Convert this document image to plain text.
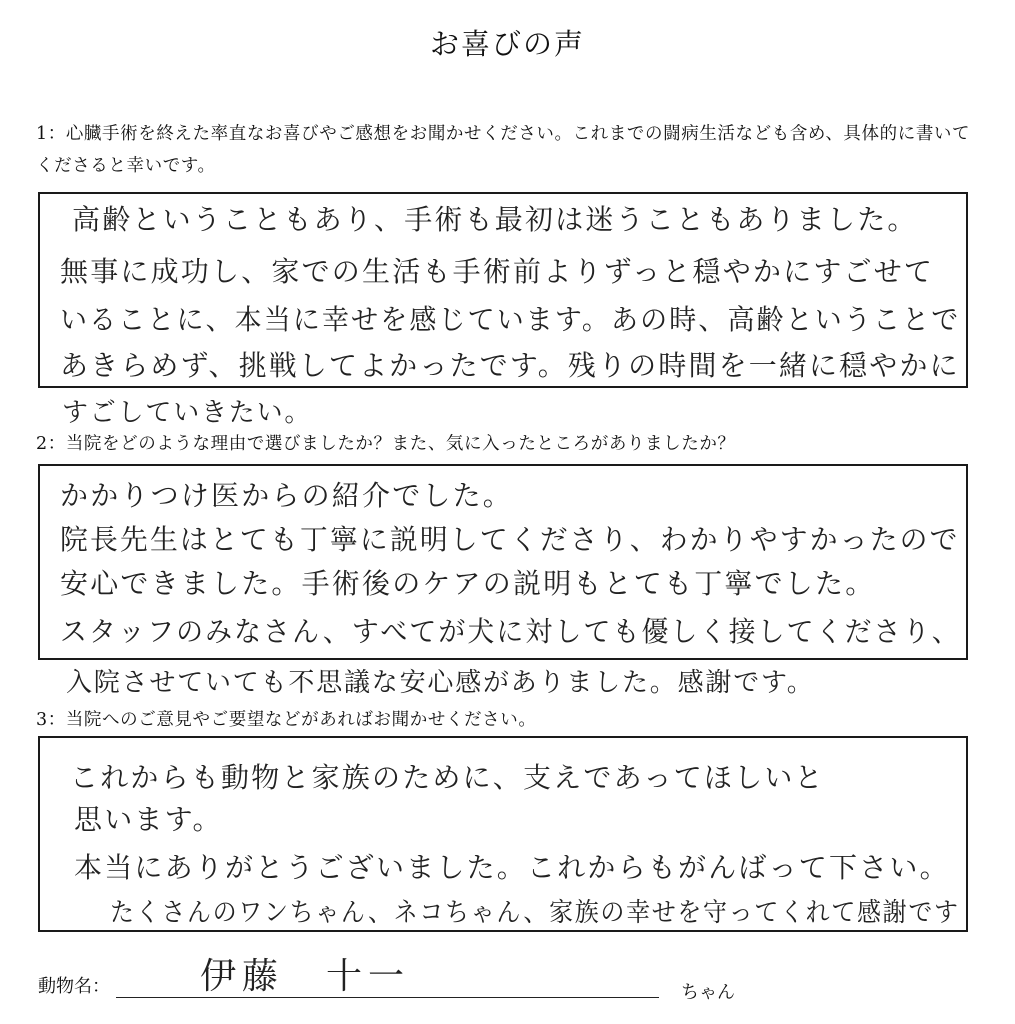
お喜びの声
1：心臓手術を終えた率直なお喜びやご感想をお聞かせください。これまでの闘病生活なども含め、具体的に書いてくださると幸いです。
高齢ということもあり、手術も最初は迷うこともありました。
無事に成功し、家での生活も手術前よりずっと穏やかにすごせて
いることに、本当に幸せを感じています。あの時、高齢ということで
あきらめず、挑戦してよかったです。残りの時間を一緒に穏やかに
すごしていきたい。
2：当院をどのような理由で選びましたか？また、気に入ったところがありましたか？
かかりつけ医からの紹介でした。
院長先生はとても丁寧に説明してくださり、わかりやすかったので
安心できました。手術後のケアの説明もとても丁寧でした。
スタッフのみなさん、すべてが犬に対しても優しく接してくださり、
入院させていても不思議な安心感がありました。感謝です。
3：当院へのご意見やご要望などがあればお聞かせください。
これからも動物と家族のために、支えであってほしいと
思います。
本当にありがとうございました。これからもがんばって下さい。
たくさんのワンちゃん、ネコちゃん、家族の幸せを守ってくれて感謝です
動物名：	伊藤　十一	ちゃん
